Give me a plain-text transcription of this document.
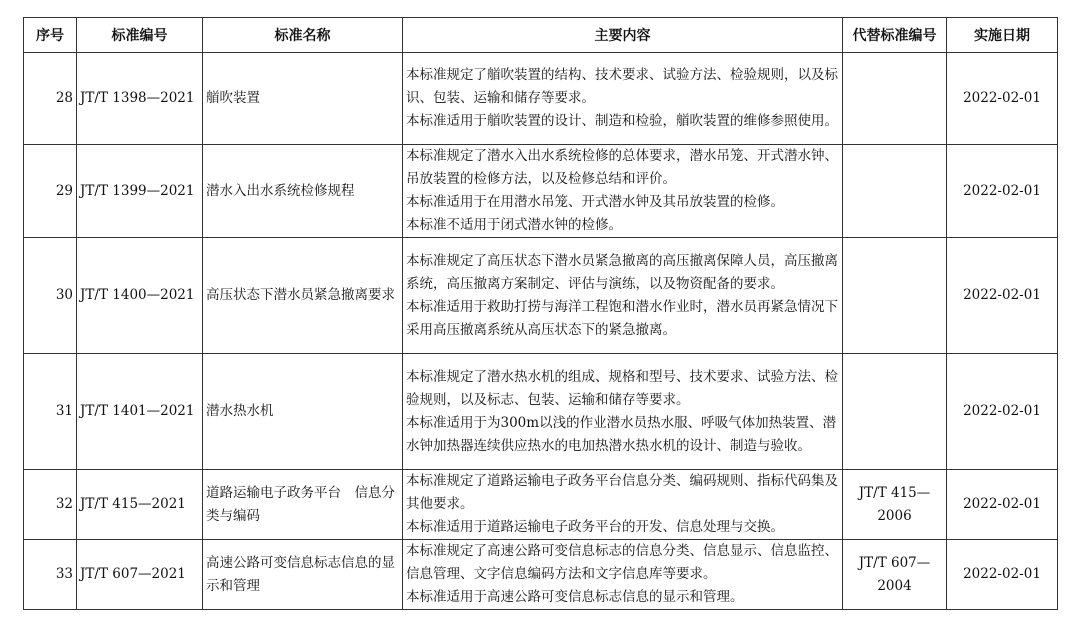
序号	标准编号	标准名称	主要内容	代替标准编号	实施日期
28	JT/T 1398—2021	艏吹装置	本标准规定了艏吹装置的结构、技术要求、试验方法、检验规则，以及标识、包装、运输和储存等要求。
本标准适用于艏吹装置的设计、制造和检验，艏吹装置的维修参照使用。		2022-02-01
29	JT/T 1399—2021	潜水入出水系统检修规程	本标准规定了潜水入出水系统检修的总体要求，潜水吊笼、开式潜水钟、吊放装置的检修方法，以及检修总结和评价。
本标准适用于在用潜水吊笼、开式潜水钟及其吊放装置的检修。
本标准不适用于闭式潜水钟的检修。		2022-02-01
30	JT/T 1400—2021	高压状态下潜水员紧急撤离要求	本标准规定了高压状态下潜水员紧急撤离的高压撤离保障人员，高压撤离系统，高压撤离方案制定、评估与演练，以及物资配备的要求。
本标准适用于救助打捞与海洋工程饱和潜水作业时，潜水员再紧急情况下采用高压撤离系统从高压状态下的紧急撤离。		2022-02-01
31	JT/T 1401—2021	潜水热水机	本标准规定了潜水热水机的组成、规格和型号、技术要求、试验方法、检验规则，以及标志、包装、运输和储存等要求。
本标准适用于为300m以浅的作业潜水员热水服、呼吸气体加热装置、潜水钟加热器连续供应热水的电加热潜水热水机的设计、制造与验收。		2022-02-01
32	JT/T 415—2021	道路运输电子政务平台　信息分类与编码	本标准规定了道路运输电子政务平台信息分类、编码规则、指标代码集及其他要求。
本标准适用于道路运输电子政务平台的开发、信息处理与交换。	JT/T 415—2006	2022-02-01
33	JT/T 607—2021	高速公路可变信息标志信息的显示和管理	本标准规定了高速公路可变信息标志的信息分类、信息显示、信息监控、信息管理、文字信息编码方法和文字信息库等要求。
本标准适用于高速公路可变信息标志信息的显示和管理。	JT/T 607—2004	2022-02-01
